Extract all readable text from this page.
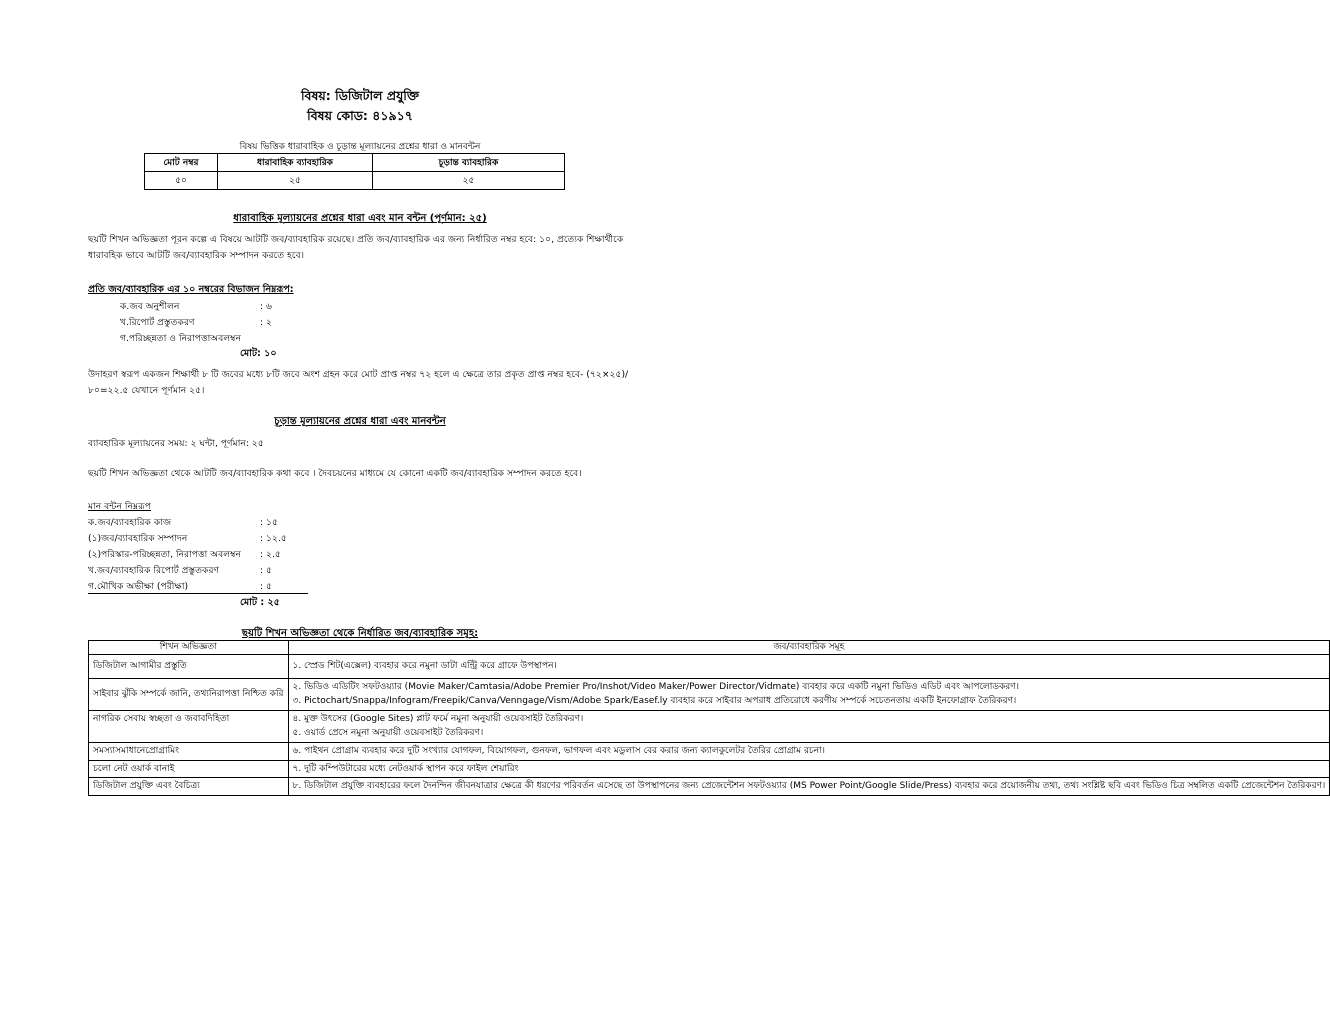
বিষয়: ডিজিটাল প্রযুক্তি
বিষয় কোড: ৪১৯১৭
বিষয় ভিত্তিক ধারাবাহিক ও চূড়ান্ত মূল্যায়নের প্রশ্নের ধারা ও মানবন্টন
মোট নম্বর	ধারাবাহিক ব্যাবহারিক	চূড়ান্ত ব্যাবহারিক
৫০	২৫	২৫
ধারাবাহিক মূল্যায়নের প্রশ্নের ধারা এবং মান বন্টন (পূর্ণমান: ২৫)
ছয়টি শিখন অভিজ্ঞতা পূরন কল্পে এ বিষয়ে আটটি জব/ব্যাবহারিক রয়েছে। প্রতি জব/ব্যাবহারিক এর জন্য নির্ধারিত নম্বর হবে: ১০, প্রত্যেক শিক্ষার্থীকে ধারাবহিক ভাবে আটটি জব/ব্যাবহারিক সম্পাদন করতে হবে।
প্রতি জব/ব্যাবহারিক এর ১০ নম্বরের বিভাজন নিম্নরূপ:
ক.জব অনুশীলন	: ৬
খ.রিপোর্ট প্রস্তুতকরণ	: ২
গ.পরিচ্ছন্নতা ও নিরাপত্তাঅবলম্বন
মোট: ১০
উদাহরণ স্বরূপ একজন শিক্ষার্থী ৮ টি জবের মধ্যে ৮টি জবে অংশ গ্রহন করে মোট প্রাপ্ত নম্বর ৭২ হলে এ ক্ষেত্রে তার প্রকৃত প্রাপ্ত নম্বর হবে- (৭২×২৫)/৮০=২২.৫ যেখানে পূর্ণমান ২৫।
চূড়ান্ত মূল্যায়নের প্রশ্নের ধারা এবং মানবন্টন
ব্যাবহারিক মূল্যায়নের সময়: ২ ঘন্টা, পূর্ণমান: ২৫
ছয়টি শিখন অভিজ্ঞতা থেকে আটটি জব/ব্যাবহারিক কথা কবে । দৈবচয়নের মাধ্যমে যে কোনো একটি জব/ব্যাবহারিক সম্পাদন করতে হবে।
মান বন্টন নিম্নরূপ
ক.জব/ব্যাবহারিক কাজ	: ১৫
(১)জব/ব্যাবহারিক সম্পাদন	: ১২.৫
(২)পরিস্কার-পরিচ্ছন্নতা, নিরাপত্তা অবলম্বন : ২.৫
খ.জব/ব্যাবহারিক রিপোর্ট প্রস্তুতকরণ	: ৫
গ.মৌখিক অভীক্ষা (পরীক্ষা)	: ৫
মোট : ২৫
ছয়টি শিখন অভিজ্ঞতা থেকে নির্ধারিত জব/ব্যাবহারিক সমূহ:
শিখন অভিজ্ঞতা	জব/ব্যাবহারিক সমূহ
ডিজিটাল আগামীর প্রস্তুতি	১. স্প্রেড শিট(এক্সেল) ব্যবহার করে নমুনা ডাটা এন্ট্রি করে গ্রাফে উপস্থাপন।

সাইবার ঝুঁকি সম্পর্কে জানি, তথ্যনিরাপত্তা নিশ্চিত করি	২. ভিডিও এডিটিং সফটওয়্যার (Movie Maker/Camtasia/Adobe Premier Pro/Inshot/Video Maker/Power Director/Vidmate) ব্যবহার করে একটি নমুনা ভিডিও এডিট এবং আপলোডকরণ।
৩. Pictochart/Snappa/Infogram/Freepik/Canva/Venngage/Vism/Adobe Spark/Easef.ly ব্যবহার করে সাইবার অপরাধ প্রতিরোধে করণীয় সম্পর্কে সচেতনতায় একটি ইনফোগ্রাফ তৈরিকরণ।

নাগরিক সেবায় স্বচ্ছতা ও জবাবদিহিতা	৪. মুক্ত উৎসের (Google Sites) প্লাট ফর্মে নমুনা অনুযায়ী ওয়েবসাইট তৈরিকরণ।
৫. ওয়ার্ড প্রেসে নমুনা অনুযায়ী ওয়েবসাইট তৈরিকরণ।

সমস্যাসমাধানেপ্রোগ্রামিং	৬. পাইথন প্রোগ্রাম ব্যবহার করে দুটি সংখ্যার যোগফল, বিয়োগফল, গুনফল, ভাগফল এবং মডুলাস বের করার জন্য ক্যালকুলেটর তৈরির প্রোগ্রাম রচনা।

চলো নেট ওয়ার্ক বানাই	৭. দুটি কম্পিউটারের মধ্যে নেটওয়ার্ক স্থাপন করে ফাইল শেয়ারিং

ডিজিটাল প্রযুক্তি এবং বৈচিত্র্য	৮. ডিজিটাল প্রযুক্তি ব্যবহারের ফলে দৈনন্দিন জীবনযাত্রার ক্ষেত্রে কী ধরণের পরিবর্তন এসেছে তা উপস্থাপনের জন্য প্রেজেন্টেশন সফটওয়্যার (MS Power Point/Google Slide/Press) ব্যবহার করে প্রয়োজনীয় তথ্য, তথ্য সংশ্লিষ্ট ছবি এবং ভিডিও চিত্র সম্বলিত একটি প্রেজেন্টেশন তৈরিকরণ।
